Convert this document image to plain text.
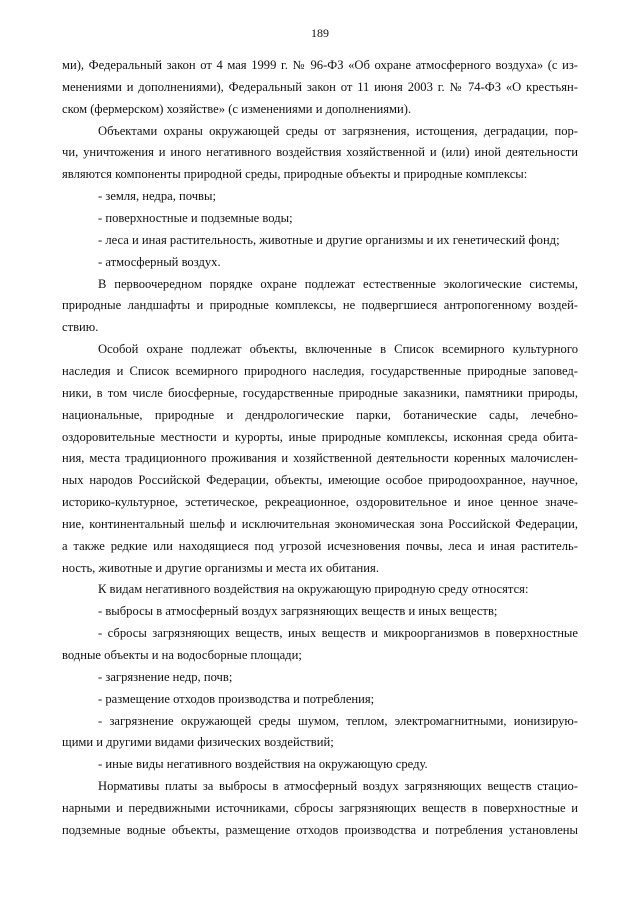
189
ми), Федеральный закон от 4 мая 1999 г. № 96-ФЗ «Об охране атмосферного воздуха» (с из-
менениями и дополнениями), Федеральный закон от 11 июня 2003 г. № 74-ФЗ «О крестьян-
ском (фермерском) хозяйстве» (с изменениями и дополнениями).
Объектами охраны окружающей среды от загрязнения, истощения, деградации, пор-
чи, уничтожения и иного негативного воздействия хозяйственной и (или) иной деятельности
являются компоненты природной среды, природные объекты и природные комплексы:
- земля, недра, почвы;
- поверхностные и подземные воды;
- леса и иная растительность, животные и другие организмы и их генетический фонд;
- атмосферный воздух.
В первоочередном порядке охране подлежат естественные экологические системы,
природные ландшафты и природные комплексы, не подвергшиеся антропогенному воздей-
ствию.
Особой охране подлежат объекты, включенные в Список всемирного культурного
наследия и Список всемирного природного наследия, государственные природные заповед-
ники, в том числе биосферные, государственные природные заказники, памятники природы,
национальные, природные и дендрологические парки, ботанические сады, лечебно-
оздоровительные местности и курорты, иные природные комплексы, исконная среда обита-
ния, места традиционного проживания и хозяйственной деятельности коренных малочислен-
ных народов Российской Федерации, объекты, имеющие особое природоохранное, научное,
историко-культурное, эстетическое, рекреационное, оздоровительное и иное ценное значе-
ние, континентальный шельф и исключительная экономическая зона Российской Федерации,
а также редкие или находящиеся под угрозой исчезновения почвы, леса и иная раститель-
ность, животные и другие организмы и места их обитания.
К видам негативного воздействия на окружающую природную среду относятся:
- выбросы в атмосферный воздух загрязняющих веществ и иных веществ;
- сбросы загрязняющих веществ, иных веществ и микроорганизмов в поверхностные
водные объекты и на водосборные площади;
- загрязнение недр, почв;
- размещение отходов производства и потребления;
- загрязнение окружающей среды шумом, теплом, электромагнитными, ионизирую-
щими и другими видами физических воздействий;
- иные виды негативного воздействия на окружающую среду.
Нормативы платы за выбросы в атмосферный воздух загрязняющих веществ стацио-
нарными и передвижными источниками, сбросы загрязняющих веществ в поверхностные и
подземные водные объекты, размещение отходов производства и потребления установлены
